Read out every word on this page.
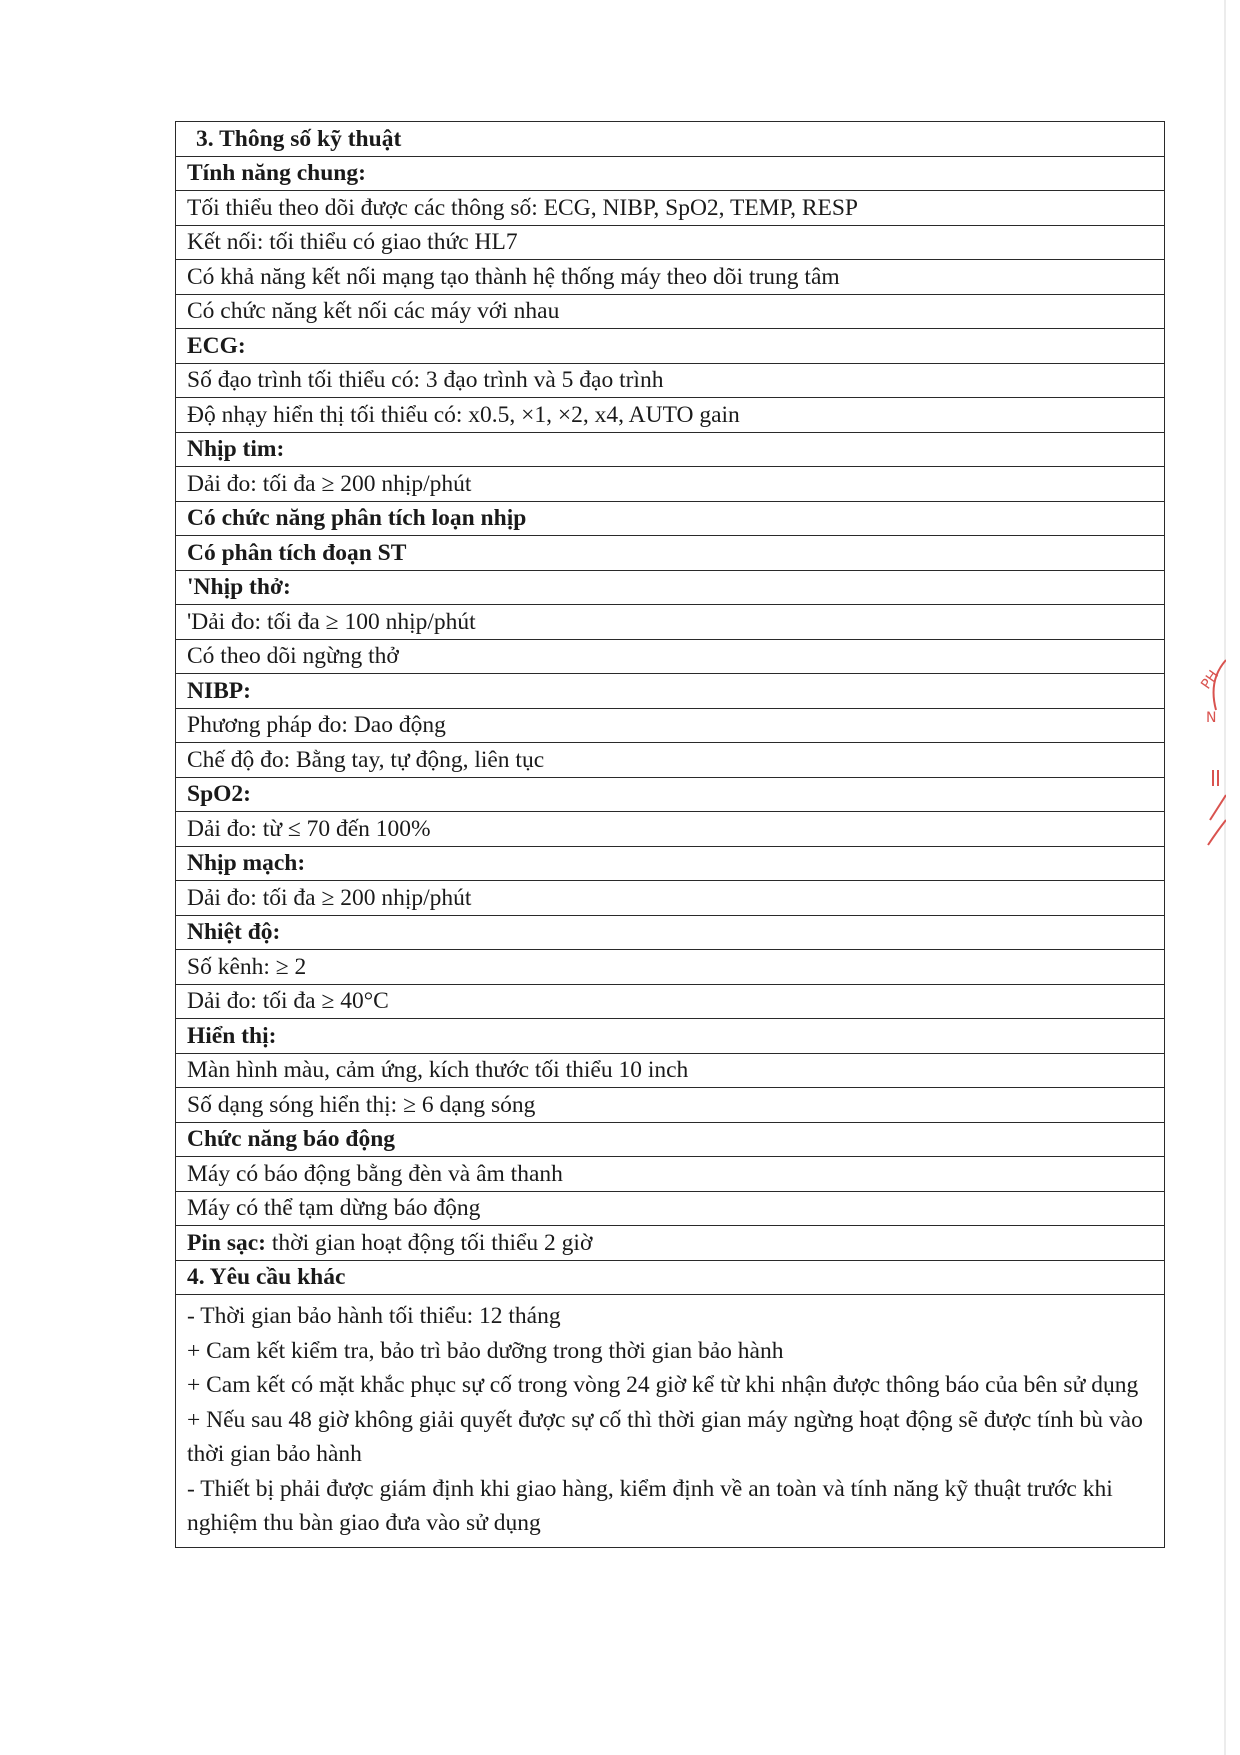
3. Thông số kỹ thuật
Tính năng chung:
Tối thiểu theo dõi được các thông số: ECG, NIBP, SpO2, TEMP, RESP
Kết nối: tối thiểu có giao thức HL7
Có khả năng kết nối mạng tạo thành hệ thống máy theo dõi trung tâm
Có chức năng kết nối các máy với nhau
ECG:
Số đạo trình tối thiểu có: 3 đạo trình và 5 đạo trình
Độ nhạy hiển thị tối thiểu có: x0.5, ×1, ×2, x4, AUTO gain
Nhịp tim:
Dải đo: tối đa ≥ 200 nhịp/phút
Có chức năng phân tích loạn nhịp
Có phân tích đoạn ST
'Nhịp thở:
'Dải đo: tối đa ≥ 100 nhịp/phút
Có theo dõi ngừng thở
NIBP:
Phương pháp đo: Dao động
Chế độ đo: Bằng tay, tự động, liên tục
SpO2:
Dải đo: từ ≤ 70 đến 100%
Nhịp mạch:
Dải đo: tối đa ≥ 200 nhịp/phút
Nhiệt độ:
Số kênh: ≥ 2
Dải đo: tối đa ≥ 40°C
Hiển thị:
Màn hình màu, cảm ứng, kích thước tối thiểu 10 inch
Số dạng sóng hiển thị: ≥ 6 dạng sóng
Chức năng báo động
Máy có báo động bằng đèn và âm thanh
Máy có thể tạm dừng báo động
Pin sạc: thời gian hoạt động tối thiểu 2 giờ
4. Yêu cầu khác

- Thời gian bảo hành tối thiểu: 12 tháng
+ Cam kết kiểm tra, bảo trì bảo dưỡng trong thời gian bảo hành
+ Cam kết có mặt khắc phục sự cố trong vòng 24 giờ kể từ khi nhận được thông báo của bên sử dụng
+ Nếu sau 48 giờ không giải quyết được sự cố thì thời gian máy ngừng hoạt động sẽ được tính bù vào thời gian bảo hành
- Thiết bị phải được giám định khi giao hàng, kiểm định về an toàn và tính năng kỹ thuật trước khi nghiệm thu bàn giao đưa vào sử dụng
PH
N
